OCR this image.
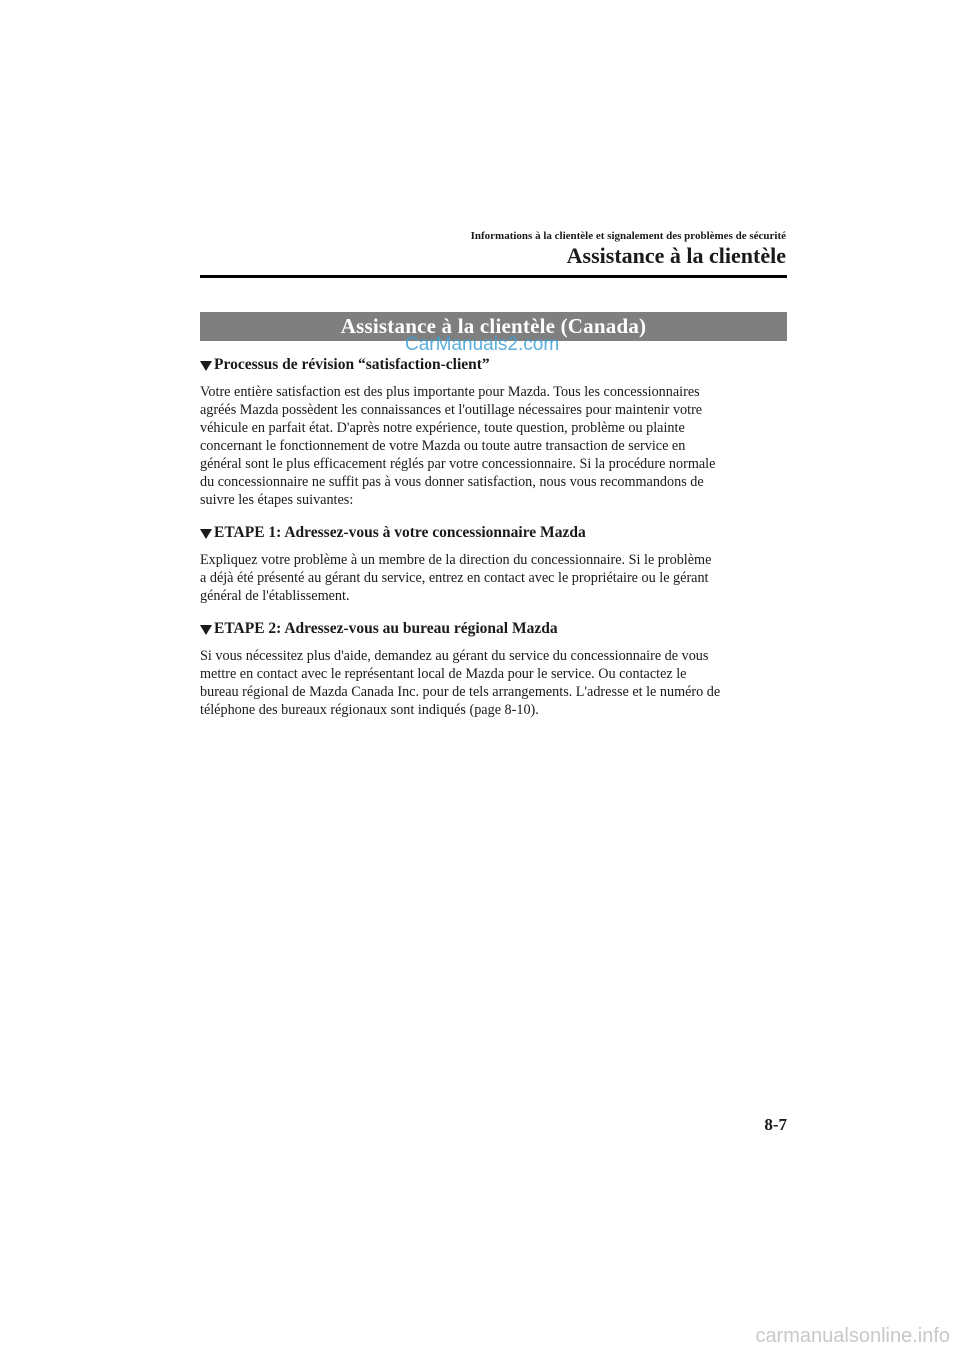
Informations à la clientèle et signalement des problèmes de sécurité
Assistance à la clientèle
Assistance à la clientèle (Canada)
CarManuals2.com
Processus de révision “satisfaction-client”

Votre entière satisfaction est des plus importante pour Mazda. Tous les concessionnaires
agréés Mazda possèdent les connaissances et l'outillage nécessaires pour maintenir votre
véhicule en parfait état. D'après notre expérience, toute question, problème ou plainte
concernant le fonctionnement de votre Mazda ou toute autre transaction de service en
général sont le plus efficacement réglés par votre concessionnaire. Si la procédure normale
du concessionnaire ne suffit pas à vous donner satisfaction, nous vous recommandons de
suivre les étapes suivantes:

ETAPE 1: Adressez-vous à votre concessionnaire Mazda

Expliquez votre problème à un membre de la direction du concessionnaire. Si le problème
a déjà été présenté au gérant du service, entrez en contact avec le propriétaire ou le gérant
général de l'établissement.

ETAPE 2: Adressez-vous au bureau régional Mazda

Si vous nécessitez plus d'aide, demandez au gérant du service du concessionnaire de vous
mettre en contact avec le représentant local de Mazda pour le service. Ou contactez le
bureau régional de Mazda Canada Inc. pour de tels arrangements. L'adresse et le numéro de
téléphone des bureaux régionaux sont indiqués (page 8-10).

8-7
carmanualsonline.info
